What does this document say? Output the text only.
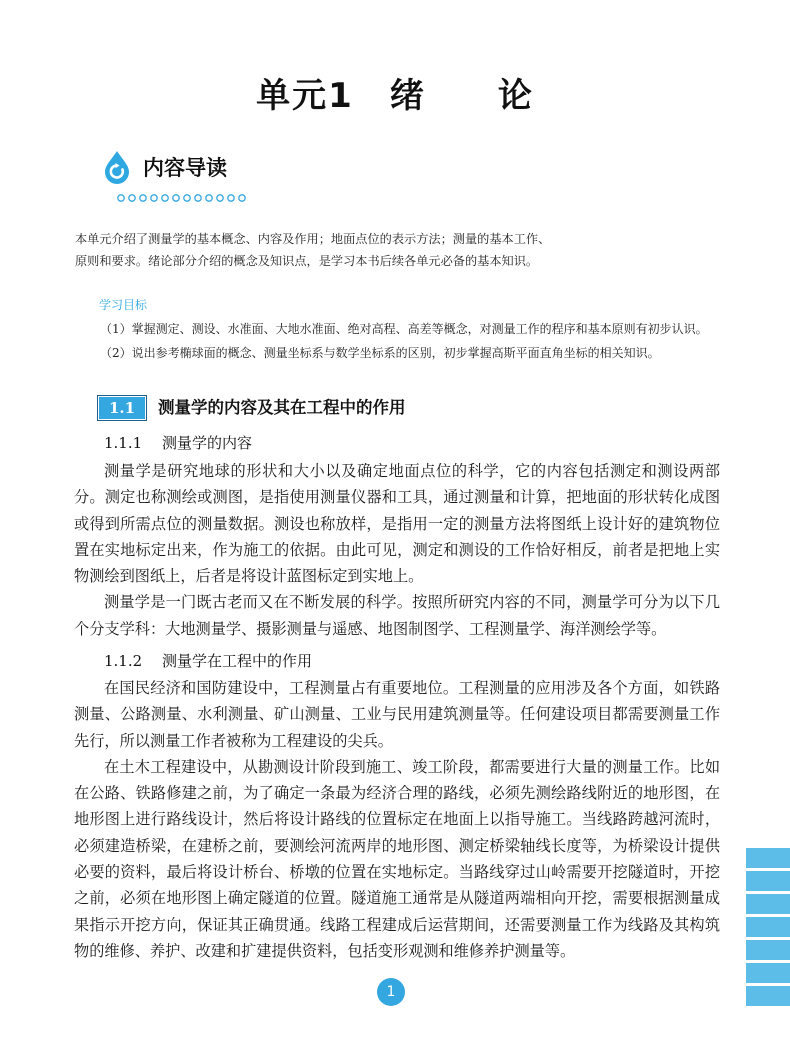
单元1 绪 论
内容导读
本单元介绍了测量学的基本概念、内容及作用；地面点位的表示方法；测量的基本工作、原则和要求。绪论部分介绍的概念及知识点，是学习本书后续各单元必备的基本知识。
学习目标
（1）掌握测定、测设、水准面、大地水准面、绝对高程、高差等概念，对测量工作的程序和基本原则有初步认识。
（2）说出参考椭球面的概念、测量坐标系与数学坐标系的区别，初步掌握高斯平面直角坐标的相关知识。
1.1	测量学的内容及其在工程中的作用
1.1.1 测量学的内容

测量学是研究地球的形状和大小以及确定地面点位的科学，它的内容包括测定和测设两部分。测定也称测绘或测图，是指使用测量仪器和工具，通过测量和计算，把地面的形状转化成图或得到所需点位的测量数据。测设也称放样，是指用一定的测量方法将图纸上设计好的建筑物位置在实地标定出来，作为施工的依据。由此可见，测定和测设的工作恰好相反，前者是把地上实物测绘到图纸上，后者是将设计蓝图标定到实地上。

测量学是一门既古老而又在不断发展的科学。按照所研究内容的不同，测量学可分为以下几个分支学科：大地测量学、摄影测量与遥感、地图制图学、工程测量学、海洋测绘学等。

1.1.2 测量学在工程中的作用

在国民经济和国防建设中，工程测量占有重要地位。工程测量的应用涉及各个方面，如铁路测量、公路测量、水利测量、矿山测量、工业与民用建筑测量等。任何建设项目都需要测量工作先行，所以测量工作者被称为工程建设的尖兵。

在土木工程建设中，从勘测设计阶段到施工、竣工阶段，都需要进行大量的测量工作。比如在公路、铁路修建之前，为了确定一条最为经济合理的路线，必须先测绘路线附近的地形图，在地形图上进行路线设计，然后将设计路线的位置标定在地面上以指导施工。当线路跨越河流时，必须建造桥梁，在建桥之前，要测绘河流两岸的地形图、测定桥梁轴线长度等，为桥梁设计提供必要的资料，最后将设计桥台、桥墩的位置在实地标定。当路线穿过山岭需要开挖隧道时，开挖之前，必须在地形图上确定隧道的位置。隧道施工通常是从隧道两端相向开挖，需要根据测量成果指示开挖方向，保证其正确贯通。线路工程建成后运营期间，还需要测量工作为线路及其构筑物的维修、养护、改建和扩建提供资料，包括变形观测和维修养护测量等。

1
